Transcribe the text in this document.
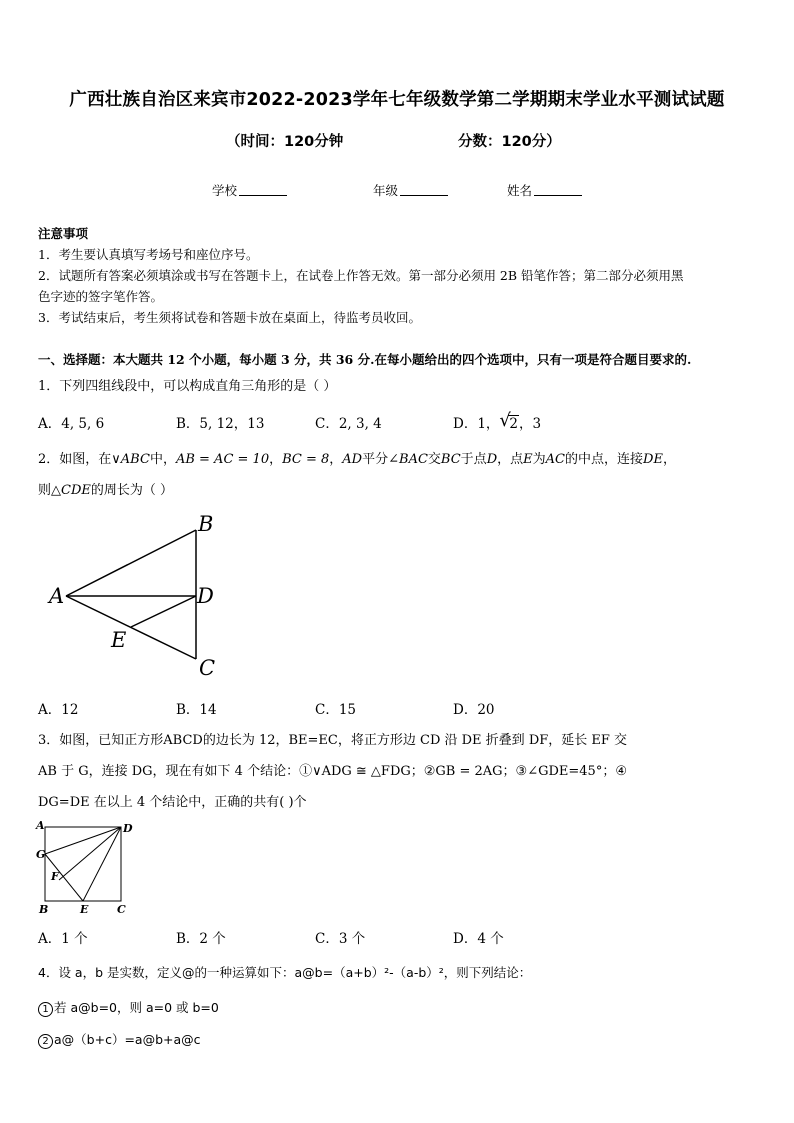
广西壮族自治区来宾市2022-2023学年七年级数学第二学期期末学业水平测试试题
（时间：120分钟	分数：120分）
学校	年级	姓名
注意事项
1．考生要认真填写考场号和座位序号。
2．试题所有答案必须填涂或书写在答题卡上，在试卷上作答无效。第一部分必须用 2B 铅笔作答；第二部分必须用黑
色字迹的签字笔作答。
3．考试结束后，考生须将试卷和答题卡放在桌面上，待监考员收回。
一、选择题：本大题共 12 个小题，每小题 3 分，共 36 分.在每小题给出的四个选项中，只有一项是符合题目要求的.
1．下列四组线段中，可以构成直角三角形的是（ ）
A．4, 5, 6	B．5, 12，13	C．2, 3, 4	D．1， √
2，3
2．如图，在∨ABC中，AB = AC = 10，BC = 8，AD平分∠BAC交BC于点D，点E为AC的中点，连接DE，
则△CDE的周长为（ ）
B
A	D
E
C
A．12	B．14	C．15	D．20
3．如图，已知正方形ABCD的边长为 12，BE=EC，将正方形边 CD 沿 DE 折叠到 DF，延长 EF 交
AB 于 G，连接 DG，现在有如下 4 个结论：①∨ADG ≅ △FDG；②GB = 2AG；③∠GDE=45°；④
DG=DE 在以上 4 个结论中，正确的共有( )个
A	D
G
F
B	E	C
A．1 个	B．2 个	C．3 个	D．4 个
4．设 a，b 是实数，定义@的一种运算如下：a@b=（a+b）²-（a-b）²，则下列结论：
1 若 a@b=0，则 a=0 或 b=0
2 a@（b+c）=a@b+a@c
